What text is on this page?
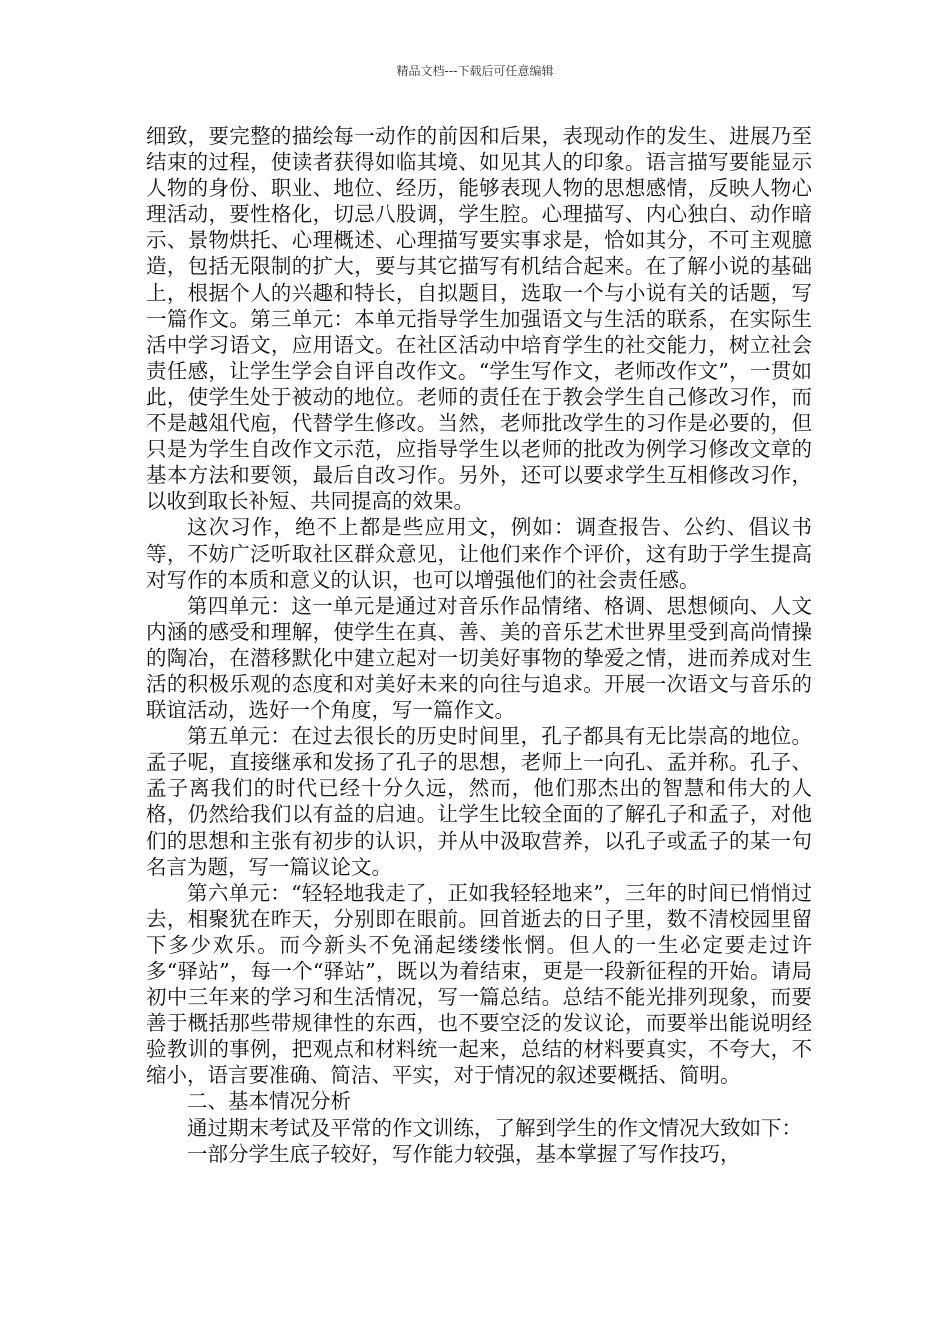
精品文档---下载后可任意编辑

细致，要完整的描绘每一动作的前因和后果，表现动作的发生、进展乃至结束的过程，使读者获得如临其境、如见其人的印象。语言描写要能显示人物的身份、职业、地位、经历，能够表现人物的思想感情，反映人物心理活动，要性格化，切忌八股调，学生腔。心理描写、内心独白、动作暗示、景物烘托、心理概述、心理描写要实事求是，恰如其分，不可主观臆造，包括无限制的扩大，要与其它描写有机结合起来。在了解小说的基础上，根据个人的兴趣和特长，自拟题目，选取一个与小说有关的话题，写一篇作文。第三单元：本单元指导学生加强语文与生活的联系，在实际生活中学习语文，应用语文。在社区活动中培育学生的社交能力，树立社会责任感，让学生学会自评自改作文。“学生写作文，老师改作文”，一贯如此，使学生处于被动的地位。老师的责任在于教会学生自己修改习作，而不是越俎代庖，代替学生修改。当然，老师批改学生的习作是必要的，但只是为学生自改作文示范，应指导学生以老师的批改为例学习修改文章的基本方法和要领，最后自改习作。另外，还可以要求学生互相修改习作，以收到取长补短、共同提高的效果。

这次习作，绝不上都是些应用文，例如：调查报告、公约、倡议书等，不妨广泛听取社区群众意见，让他们来作个评价，这有助于学生提高对写作的本质和意义的认识，也可以增强他们的社会责任感。

第四单元：这一单元是通过对音乐作品情绪、格调、思想倾向、人文内涵的感受和理解，使学生在真、善、美的音乐艺术世界里受到高尚情操的陶冶，在潜移默化中建立起对一切美好事物的挚爱之情，进而养成对生活的积极乐观的态度和对美好未来的向往与追求。开展一次语文与音乐的联谊活动，选好一个角度，写一篇作文。

第五单元：在过去很长的历史时间里，孔子都具有无比崇高的地位。孟子呢，直接继承和发扬了孔子的思想，老师上一向孔、孟并称。孔子、孟子离我们的时代已经十分久远，然而，他们那杰出的智慧和伟大的人格，仍然给我们以有益的启迪。让学生比较全面的了解孔子和孟子，对他们的思想和主张有初步的认识，并从中汲取营养，以孔子或孟子的某一句名言为题，写一篇议论文。

第六单元：“轻轻地我走了，正如我轻轻地来”，三年的时间已悄悄过去，相聚犹在昨天，分别即在眼前。回首逝去的日子里，数不清校园里留下多少欢乐。而今新头不免涌起缕缕怅惘。但人的一生必定要走过许多“驿站”，每一个“驿站”，既以为着结束，更是一段新征程的开始。请局初中三年来的学习和生活情况，写一篇总结。总结不能光排列现象，而要善于概括那些带规律性的东西，也不要空泛的发议论，而要举出能说明经验教训的事例，把观点和材料统一起来，总结的材料要真实，不夸大，不缩小，语言要准确、简洁、平实，对于情况的叙述要概括、简明。

二、基本情况分析

通过期末考试及平常的作文训练，了解到学生的作文情况大致如下：

一部分学生底子较好，写作能力较强，基本掌握了写作技巧，
